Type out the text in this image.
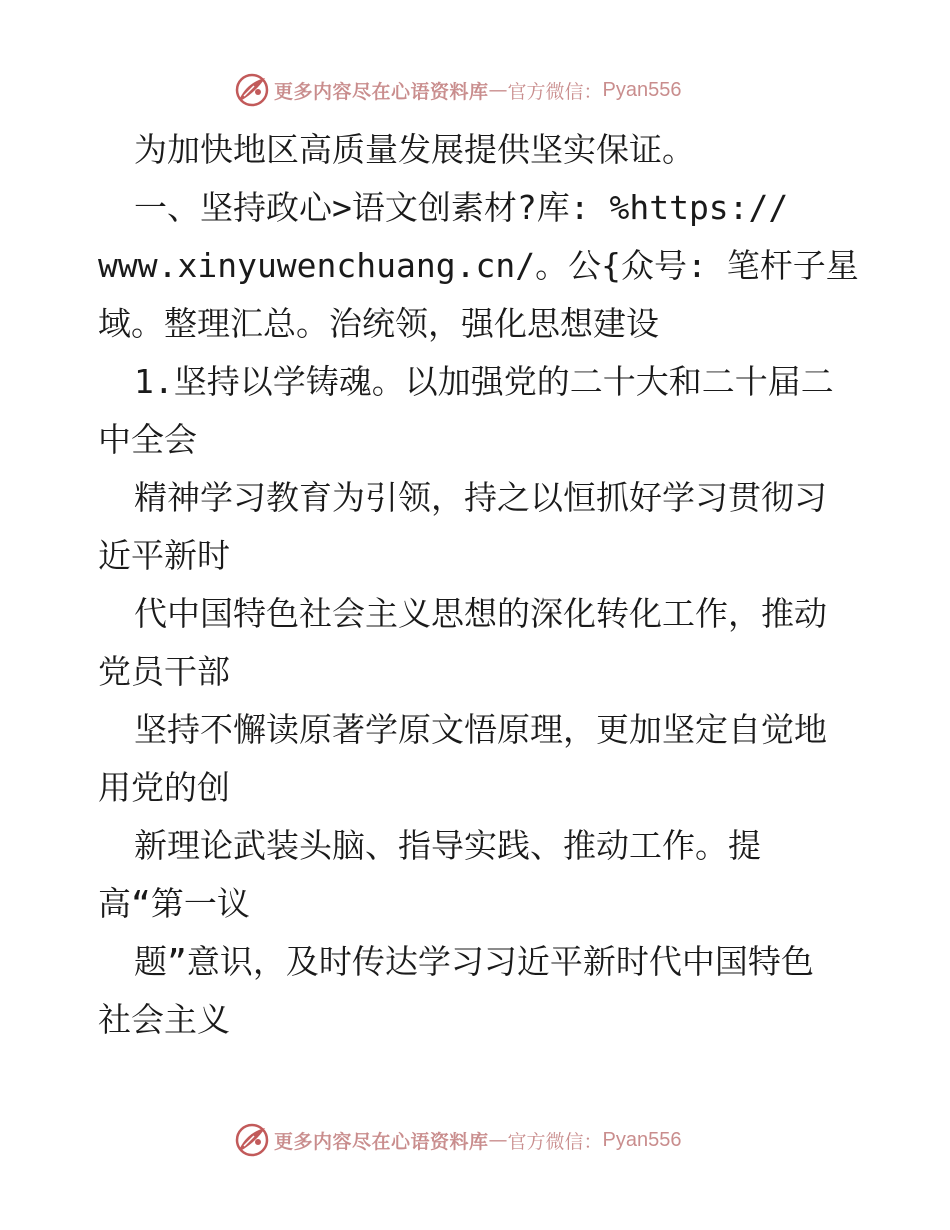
更多内容尽在心语资料库 — 官方微信： Pyan556
为加快地区高质量发展提供坚实保证。
一、坚持政心>语文创素材?库: %https://
www.xinyuwenchuang.cn/。公{众号: 笔杆子星
域。整理汇总。治统领，强化思想建设
1.坚持以学铸魂。以加强党的二十大和二十届二
中全会
精神学习教育为引领，持之以恒抓好学习贯彻习
近平新时
代中国特色社会主义思想的深化转化工作，推动
党员干部
坚持不懈读原著学原文悟原理，更加坚定自觉地
用党的创
新理论武装头脑、指导实践、推动工作。提
高“第一议
题”意识，及时传达学习习近平新时代中国特色
社会主义
更多内容尽在心语资料库 — 官方微信： Pyan556
